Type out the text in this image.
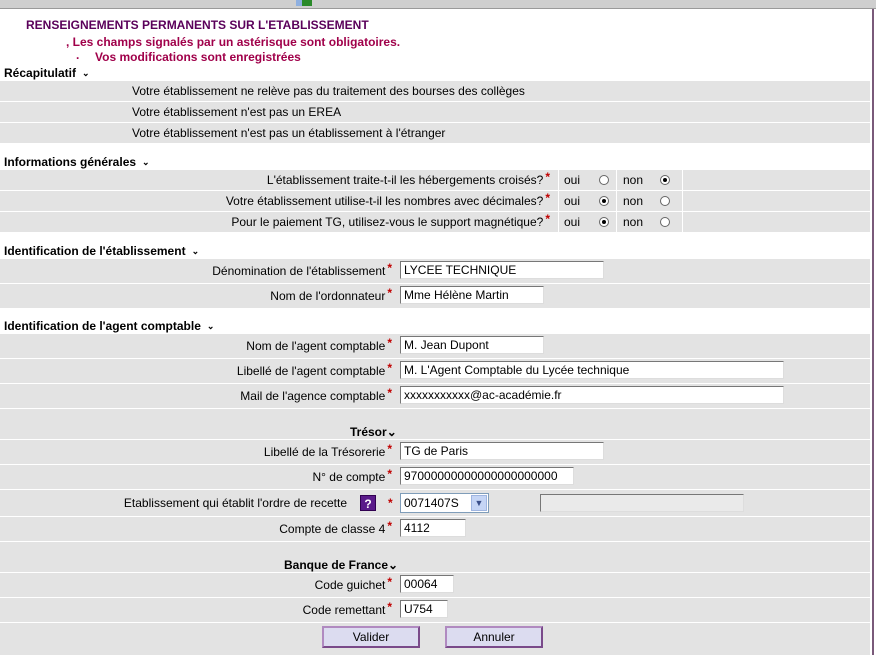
RENSEIGNEMENTS PERMANENTS SUR L'ETABLISSEMENT
, Les champs signalés par un astérisque sont obligatoires.
. Vos modifications sont enregistrées
Récapitulatif ⌄
Votre établissement ne relève pas du traitement des bourses des collèges
Votre établissement n'est pas un EREA
Votre établissement n'est pas un établissement à l'étranger
Informations générales ⌄
L'établissement traite-t-il les hébergements croisés? * oui	non
Votre établissement utilise-t-il les nombres avec décimales? * oui	non
Pour le paiement TG, utilisez-vous le support magnétique? * oui	non
Identification de l'établissement ⌄
Dénomination de l'établissement *	LYCEE TECHNIQUE
Nom de l'ordonnateur *	Mme Hélène Martin
Identification de l'agent comptable ⌄
Nom de l'agent comptable *	M. Jean Dupont
Libellé de l'agent comptable *	M. L'Agent Comptable du Lycée technique
Mail de l'agence comptable *	xxxxxxxxxxx@ac-académie.fr
Trésor⌄
Libellé de la Trésorerie *	TG de Paris
N° de compte *	97000000000000000000000
Etablissement qui établit l'ordre de recette	?	* 0071407S	▼
Compte de classe 4 *	4112
Banque de France⌄
Code guichet *	00064
Code remettant *	U754
Valider	Annuler
